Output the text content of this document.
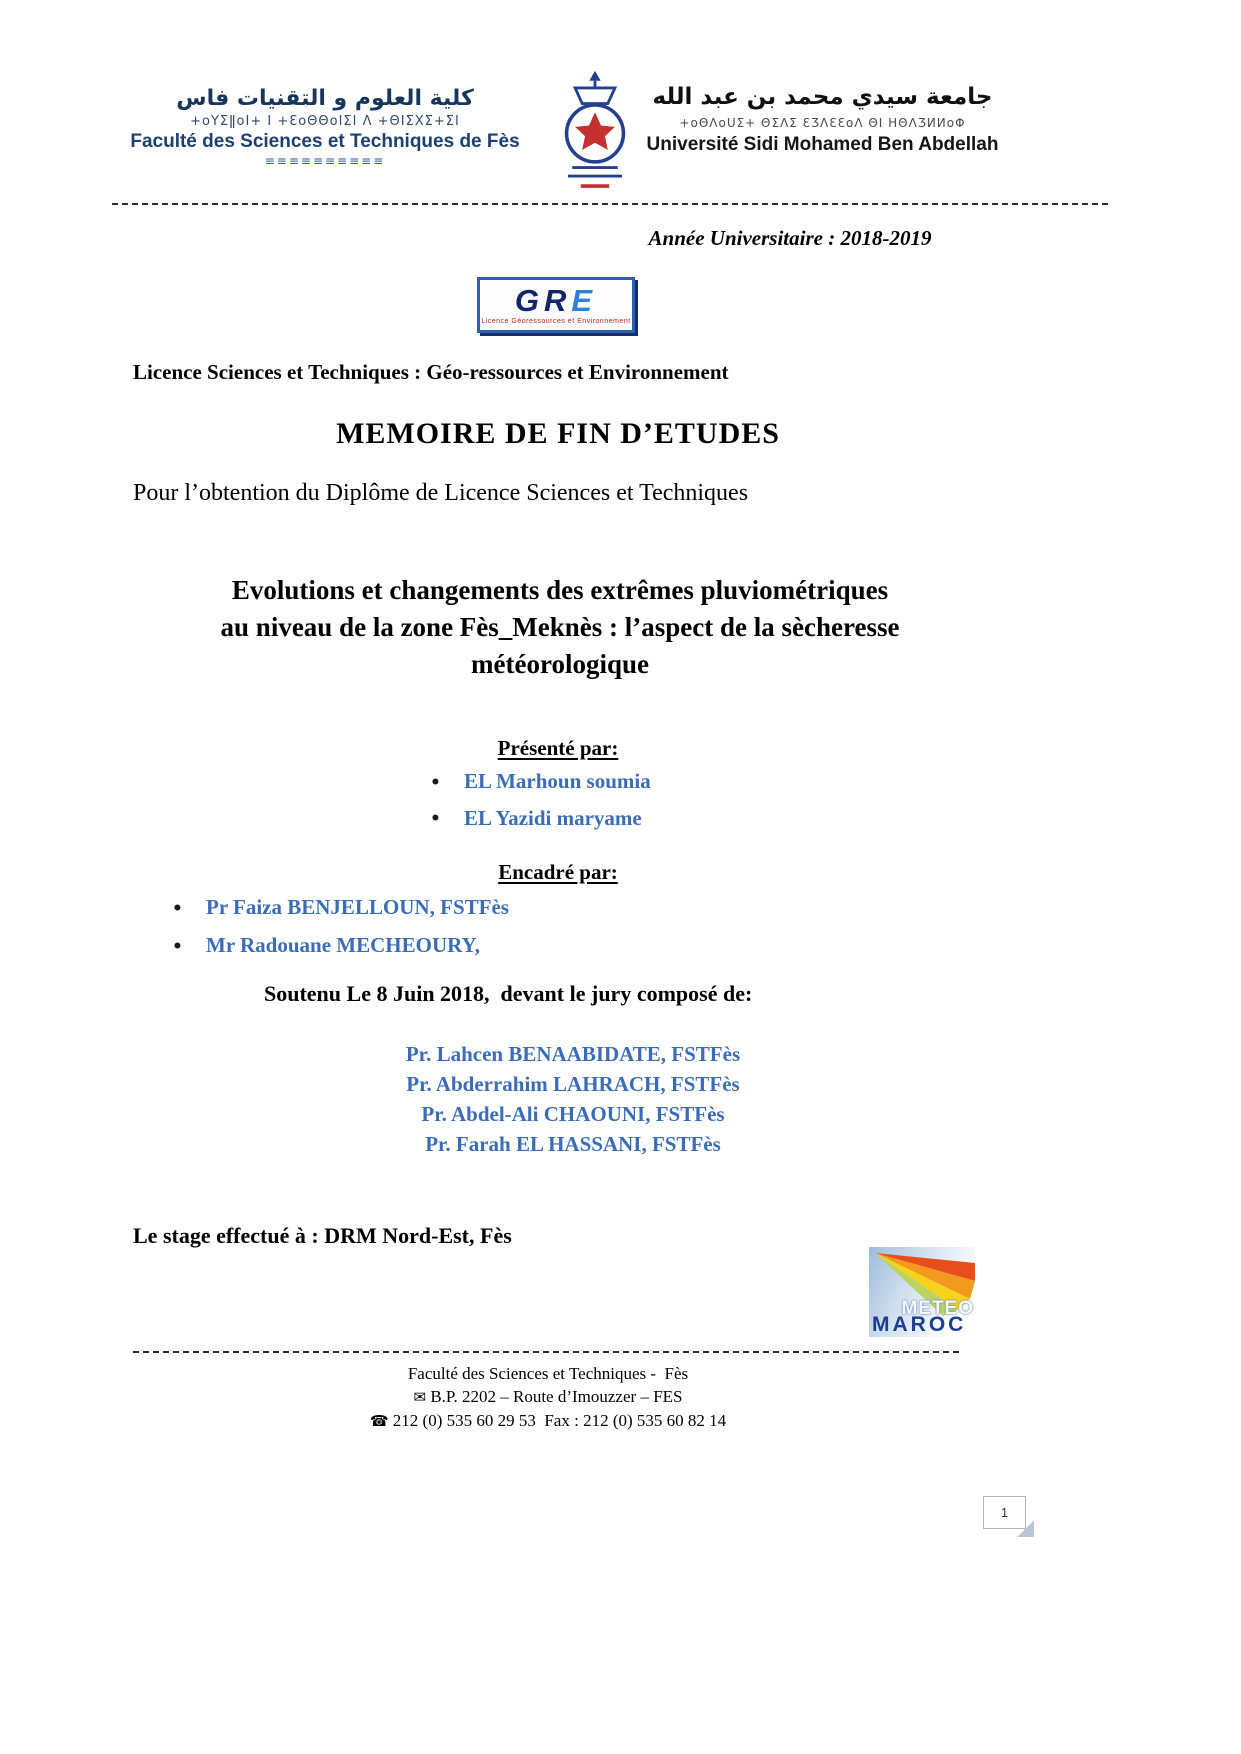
كلية العلوم و التقنيات فاس
+oΥΣǁoΙ+ Ι +ƐoΘΘoΙΣΙ Λ +ΘΙΣΧΣ+ΣΙ
Faculté des Sciences et Techniques de Fès
≡≡≡≡≡≡≡≡≡≡
جامعة سيدي محمد بن عبد الله
+oΘΛoUΣ+ ΘΣΛΣ ƐƷΛƐƐoΛ ΘΙ ΗΘΛƷИИoΦ
Université Sidi Mohamed Ben Abdellah
Année Universitaire : 2018-2019
GRE
Licence Géoressources et Environnement
Licence Sciences et Techniques : Géo-ressources et Environnement
MEMOIRE DE FIN D’ETUDES
Pour l’obtention du Diplôme de Licence Sciences et Techniques
Evolutions et changements des extrêmes pluviométriques
au niveau de la zone Fès_Meknès : l’aspect de la sècheresse
météorologique
Présenté par:
• EL Marhoun soumia
• EL Yazidi maryame
Encadré par:
• Pr Faiza BENJELLOUN, FSTFès
• Mr Radouane MECHEOURY,
Soutenu Le 8 Juin 2018,  devant le jury composé de:
Pr. Lahcen BENAABIDATE, FSTFès
Pr. Abderrahim LAHRACH, FSTFès
Pr. Abdel-Ali CHAOUNI, FSTFès
Pr. Farah EL HASSANI, FSTFès
Le stage effectué à : DRM Nord-Est, Fès
METEO
MAROC
Faculté des Sciences et Techniques -  Fès
✉ B.P. 2202 – Route d’Imouzzer – FES
☎ 212 (0) 535 60 29 53  Fax : 212 (0) 535 60 82 14
1
